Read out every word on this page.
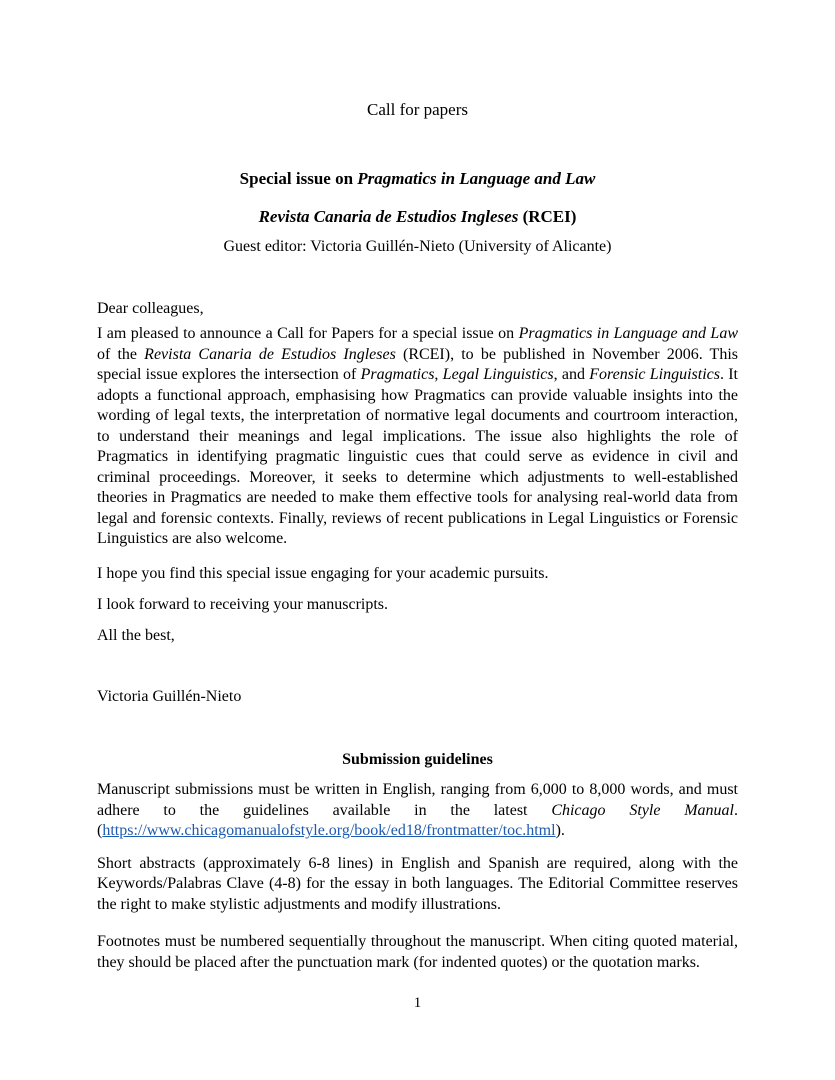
Call for papers

Special issue on Pragmatics in Language and Law

Revista Canaria de Estudios Ingleses (RCEI)

Guest editor: Victoria Guillén-Nieto (University of Alicante)

Dear colleagues,

I am pleased to announce a Call for Papers for a special issue on Pragmatics in Language and Law of the Revista Canaria de Estudios Ingleses (RCEI), to be published in November 2006. This special issue explores the intersection of Pragmatics, Legal Linguistics, and Forensic Linguistics. It adopts a functional approach, emphasising how Pragmatics can provide valuable insights into the wording of legal texts, the interpretation of normative legal documents and courtroom interaction, to understand their meanings and legal implications. The issue also highlights the role of Pragmatics in identifying pragmatic linguistic cues that could serve as evidence in civil and criminal proceedings. Moreover, it seeks to determine which adjustments to well-established theories in Pragmatics are needed to make them effective tools for analysing real-world data from legal and forensic contexts. Finally, reviews of recent publications in Legal Linguistics or Forensic Linguistics are also welcome.

I hope you find this special issue engaging for your academic pursuits.

I look forward to receiving your manuscripts.

All the best,

Victoria Guillén-Nieto

Submission guidelines

Manuscript submissions must be written in English, ranging from 6,000 to 8,000 words, and must adhere to the guidelines available in the latest Chicago Style Manual. (https://www.chicagomanualofstyle.org/book/ed18/frontmatter/toc.html).

Short abstracts (approximately 6-8 lines) in English and Spanish are required, along with the Keywords/Palabras Clave (4-8) for the essay in both languages. The Editorial Committee reserves the right to make stylistic adjustments and modify illustrations.

Footnotes must be numbered sequentially throughout the manuscript. When citing quoted material, they should be placed after the punctuation mark (for indented quotes) or the quotation marks.

1
